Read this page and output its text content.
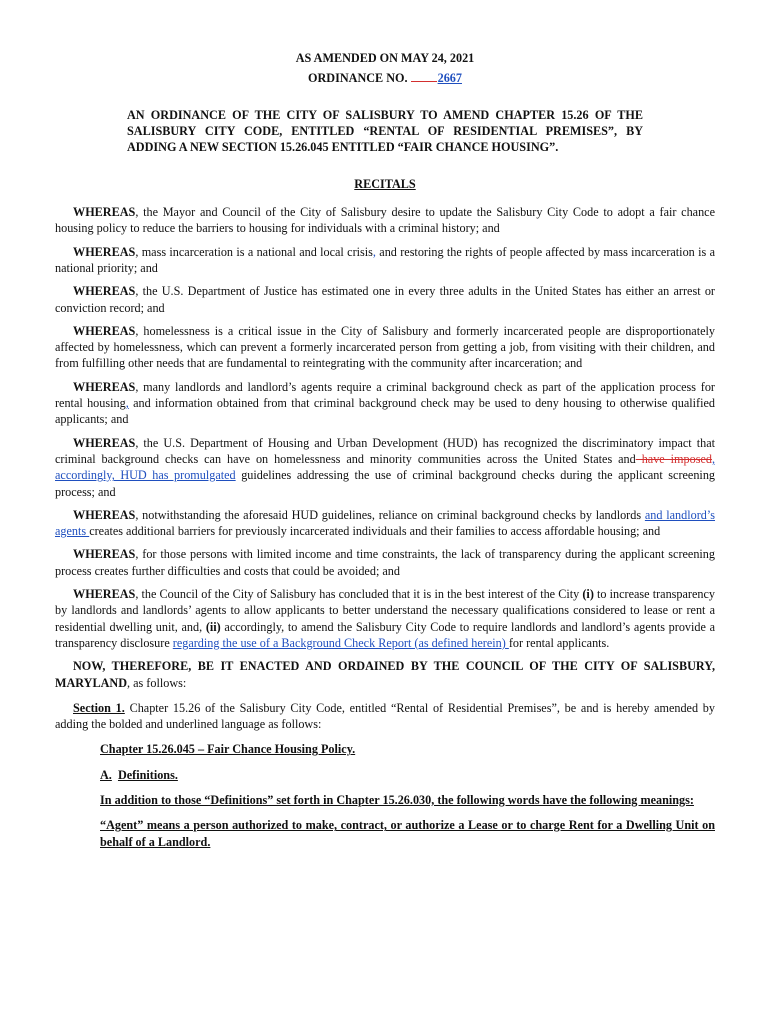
AS AMENDED ON MAY 24, 2021
ORDINANCE NO. 2667
AN ORDINANCE OF THE CITY OF SALISBURY TO AMEND CHAPTER 15.26 OF THE SALISBURY CITY CODE, ENTITLED “RENTAL OF RESIDENTIAL PREMISES”, BY ADDING A NEW SECTION 15.26.045 ENTITLED “FAIR CHANCE HOUSING”.
RECITALS

WHEREAS, the Mayor and Council of the City of Salisbury desire to update the Salisbury City Code to adopt a fair chance housing policy to reduce the barriers to housing for individuals with a criminal history; and

WHEREAS, mass incarceration is a national and local crisis, and restoring the rights of people affected by mass incarceration is a national priority; and

WHEREAS, the U.S. Department of Justice has estimated one in every three adults in the United States has either an arrest or conviction record; and

WHEREAS, homelessness is a critical issue in the City of Salisbury and formerly incarcerated people are disproportionately affected by homelessness, which can prevent a formerly incarcerated person from getting a job, from visiting with their children, and from fulfilling other needs that are fundamental to reintegrating with the community after incarceration; and

WHEREAS, many landlords and landlord’s agents require a criminal background check as part of the application process for rental housing, and information obtained from that criminal background check may be used to deny housing to otherwise qualified applicants; and

WHEREAS, the U.S. Department of Housing and Urban Development (HUD) has recognized the discriminatory impact that criminal background checks can have on homelessness and minority communities across the United States and have imposed, accordingly, HUD has promulgated guidelines addressing the use of criminal background checks during the applicant screening process; and

WHEREAS, notwithstanding the aforesaid HUD guidelines, reliance on criminal background checks by landlords and landlord’s agents creates additional barriers for previously incarcerated individuals and their families to access affordable housing; and

WHEREAS, for those persons with limited income and time constraints, the lack of transparency during the applicant screening process creates further difficulties and costs that could be avoided; and

WHEREAS, the Council of the City of Salisbury has concluded that it is in the best interest of the City (i) to increase transparency by landlords and landlords’ agents to allow applicants to better understand the necessary qualifications considered to lease or rent a residential dwelling unit, and, (ii) accordingly, to amend the Salisbury City Code to require landlords and landlord’s agents provide a transparency disclosure regarding the use of a Background Check Report (as defined herein) for rental applicants.

NOW, THEREFORE, BE IT ENACTED AND ORDAINED BY THE COUNCIL OF THE CITY OF SALISBURY, MARYLAND, as follows:

Section 1. Chapter 15.26 of the Salisbury City Code, entitled “Rental of Residential Premises”, be and is hereby amended by adding the bolded and underlined language as follows:

Chapter 15.26.045 – Fair Chance Housing Policy.
A. Definitions.
In addition to those “Definitions” set forth in Chapter 15.26.030, the following words have the following meanings:
“Agent” means a person authorized to make, contract, or authorize a Lease or to charge Rent for a Dwelling Unit on behalf of a Landlord.
